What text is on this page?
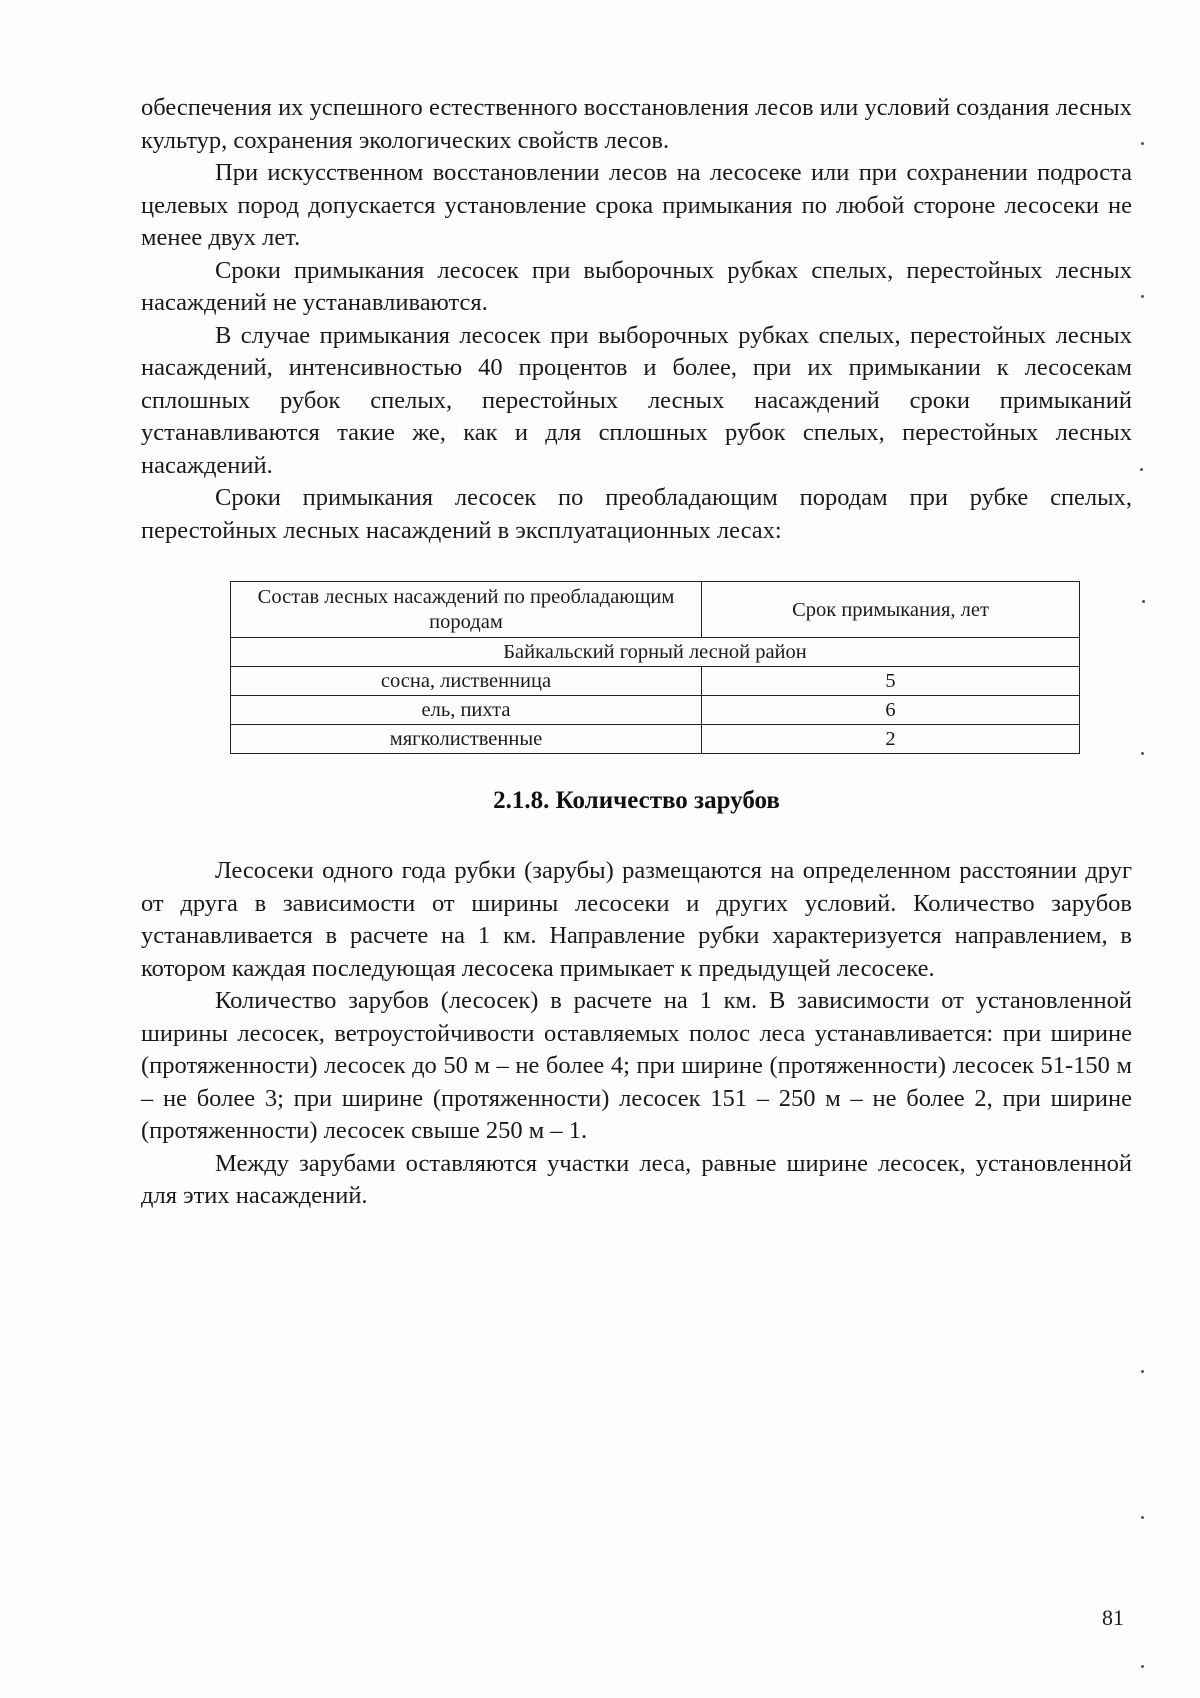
обеспечения их успешного естественного восстановления лесов или условий создания лесных культур, сохранения экологических свойств лесов.

При искусственном восстановлении лесов на лесосеке или при сохранении подроста целевых пород допускается установление срока примыкания по любой стороне лесосеки не менее двух лет.

Сроки примыкания лесосек при выборочных рубках спелых, перестойных лесных насаждений не устанавливаются.

В случае примыкания лесосек при выборочных рубках спелых, перестойных лесных насаждений, интенсивностью 40 процентов и более, при их примыкании к лесосекам сплошных рубок спелых, перестойных лесных насаждений сроки примыканий устанавливаются такие же, как и для сплошных рубок спелых, перестойных лесных насаждений.

Сроки примыкания лесосек по преобладающим породам при рубке спелых, перестойных лесных насаждений в эксплуатационных лесах:

Состав лесных насаждений по преобладающим породам	Срок примыкания, лет
Байкальский горный лесной район	
сосна, лиственница	5
ель, пихта	6
мягколиственные	2
2.1.8. Количество зарубов

Лесосеки одного года рубки (зарубы) размещаются на определенном расстоянии друг от друга в зависимости от ширины лесосеки и других условий. Количество зарубов устанавливается в расчете на 1 км. Направление рубки характеризуется направлением, в котором каждая последующая лесосека примыкает к предыдущей лесосеке.

Количество зарубов (лесосек) в расчете на 1 км. В зависимости от установленной ширины лесосек, ветроустойчивости оставляемых полос леса устанавливается: при ширине (протяженности) лесосек до 50 м – не более 4; при ширине (протяженности) лесосек 51-150 м – не более 3; при ширине (протяженности) лесосек 151 – 250 м – не более 2, при ширине (протяженности) лесосек свыше 250 м – 1.

Между зарубами оставляются участки леса, равные ширине лесосек, установленной для этих насаждений.

81
